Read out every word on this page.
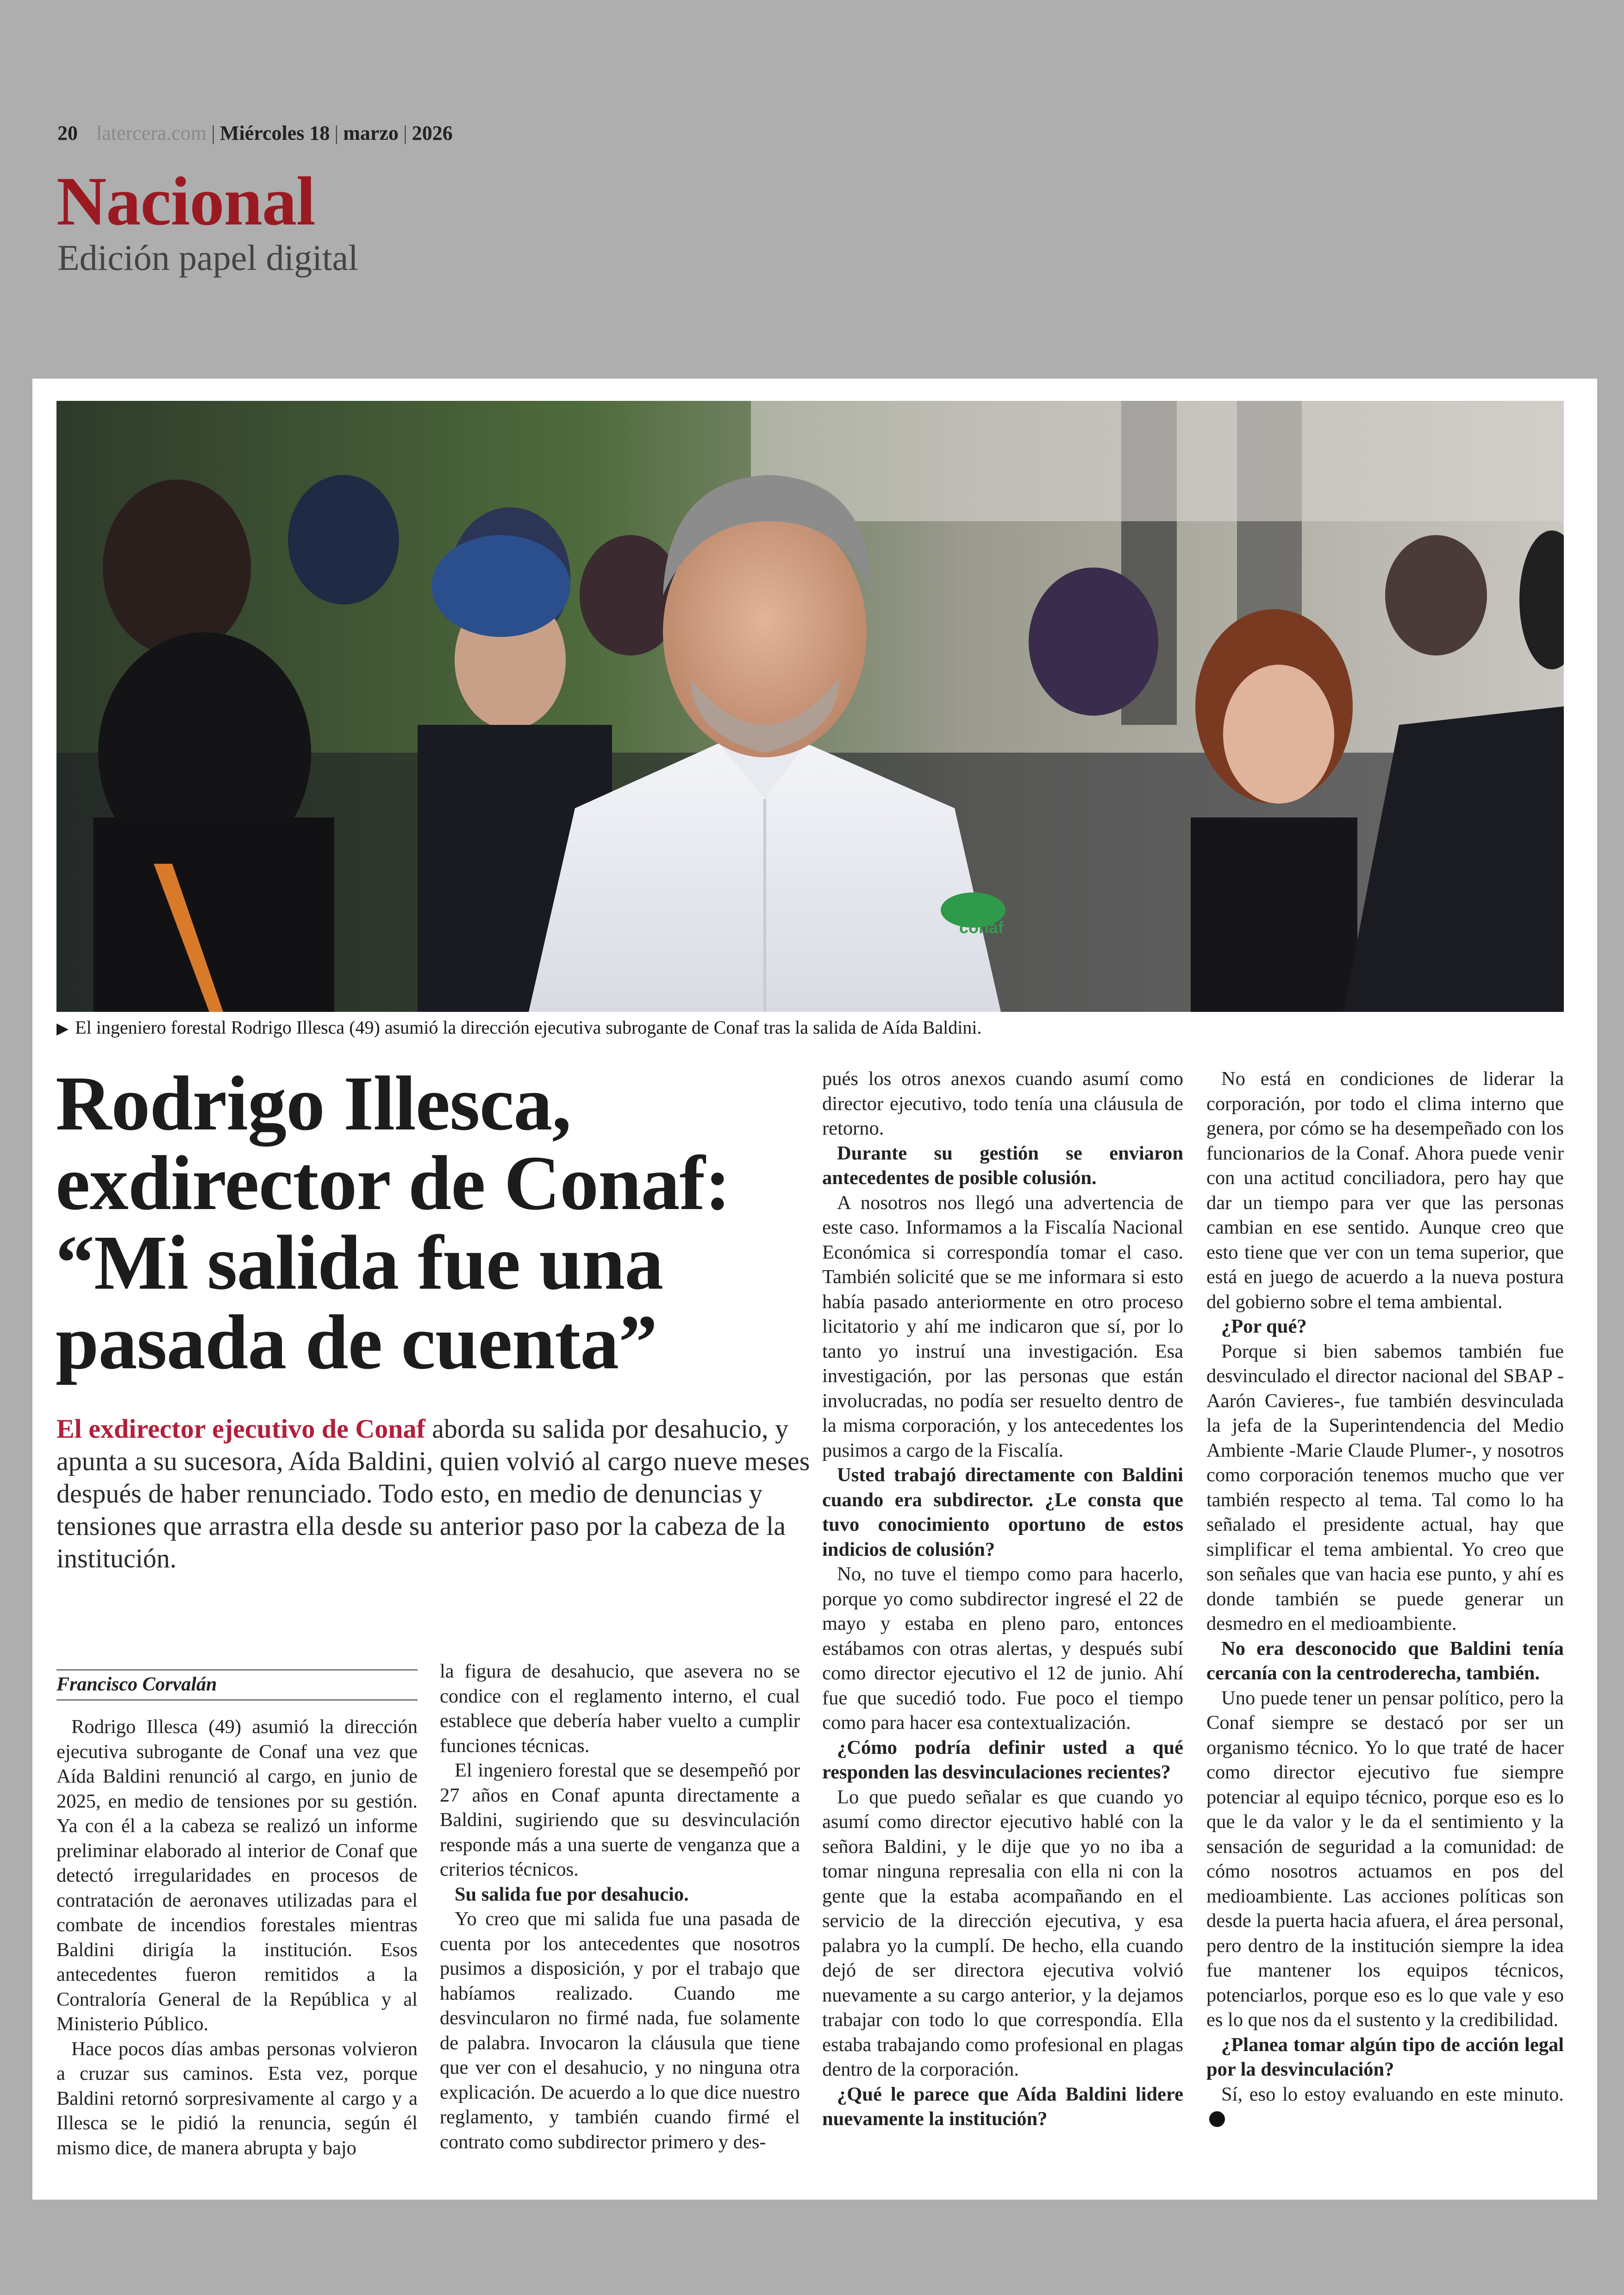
20 latercera.com | Miércoles 18 | marzo | 2026
Nacional
Edición papel digital
conaf
▶ El ingeniero forestal Rodrigo Illesca (49) asumió la dirección ejecutiva subrogante de Conaf tras la salida de Aída Baldini.
Rodrigo Illesca, exdirector de Conaf: “Mi salida fue una pasada de cuenta”
El exdirector ejecutivo de Conaf aborda su salida por desahucio, y apunta a su sucesora, Aída Baldini, quien volvió al cargo nueve meses después de haber renunciado. Todo esto, en medio de denuncias y tensiones que arrastra ella desde su anterior paso por la cabeza de la institución.
Francisco Corvalán

Rodrigo Illesca (49) asumió la dirección ejecutiva subrogante de Conaf una vez que Aída Baldini renunció al cargo, en junio de 2025, en medio de tensiones por su gestión. Ya con él a la cabeza se realizó un informe preliminar elaborado al interior de Conaf que detectó irregularidades en procesos de contratación de aeronaves utilizadas para el combate de incendios forestales mientras Baldini dirigía la institución. Esos antecedentes fueron remitidos a la Contraloría General de la República y al Ministerio Público.

Hace pocos días ambas personas volvieron a cruzar sus caminos. Esta vez, porque Baldini retornó sorpresivamente al cargo y a Illesca se le pidió la renuncia, según él mismo dice, de manera abrupta y bajo

la figura de desahucio, que asevera no se condice con el reglamento interno, el cual establece que debería haber vuelto a cumplir funciones técnicas.

El ingeniero forestal que se desempeñó por 27 años en Conaf apunta directamente a Baldini, sugiriendo que su desvinculación responde más a una suerte de venganza que a criterios técnicos.

Su salida fue por desahucio.

Yo creo que mi salida fue una pasada de cuenta por los antecedentes que nosotros pusimos a disposición, y por el trabajo que habíamos realizado. Cuando me desvincularon no firmé nada, fue solamente de palabra. Invocaron la cláusula que tiene que ver con el desahucio, y no ninguna otra explicación. De acuerdo a lo que dice nuestro reglamento, y también cuando firmé el contrato como subdirector primero y des-

pués los otros anexos cuando asumí como director ejecutivo, todo tenía una cláusula de retorno.

Durante su gestión se enviaron antecedentes de posible colusión.

A nosotros nos llegó una advertencia de este caso. Informamos a la Fiscalía Nacional Económica si correspondía tomar el caso. También solicité que se me informara si esto había pasado anteriormente en otro proceso licitatorio y ahí me indicaron que sí, por lo tanto yo instruí una investigación. Esa investigación, por las personas que están involucradas, no podía ser resuelto dentro de la misma corporación, y los antecedentes los pusimos a cargo de la Fiscalía.

Usted trabajó directamente con Baldini cuando era subdirector. ¿Le consta que tuvo conocimiento oportuno de estos indicios de colusión?

No, no tuve el tiempo como para hacerlo, porque yo como subdirector ingresé el 22 de mayo y estaba en pleno paro, entonces estábamos con otras alertas, y después subí como director ejecutivo el 12 de junio. Ahí fue que sucedió todo. Fue poco el tiempo como para hacer esa contextualización.

¿Cómo podría definir usted a qué responden las desvinculaciones recientes?

Lo que puedo señalar es que cuando yo asumí como director ejecutivo hablé con la señora Baldini, y le dije que yo no iba a tomar ninguna represalia con ella ni con la gente que la estaba acompañando en el servicio de la dirección ejecutiva, y esa palabra yo la cumplí. De hecho, ella cuando dejó de ser directora ejecutiva volvió nuevamente a su cargo anterior, y la dejamos trabajar con todo lo que correspondía. Ella estaba trabajando como profesional en plagas dentro de la corporación.

¿Qué le parece que Aída Baldini lidere nuevamente la institución?

No está en condiciones de liderar la corporación, por todo el clima interno que genera, por cómo se ha desempeñado con los funcionarios de la Conaf. Ahora puede venir con una actitud conciliadora, pero hay que dar un tiempo para ver que las personas cambian en ese sentido. Aunque creo que esto tiene que ver con un tema superior, que está en juego de acuerdo a la nueva postura del gobierno sobre el tema ambiental.

¿Por qué?

Porque si bien sabemos también fue desvinculado el director nacional del SBAP -Aarón Cavieres-, fue también desvinculada la jefa de la Superintendencia del Medio Ambiente -Marie Claude Plumer-, y nosotros como corporación tenemos mucho que ver también respecto al tema. Tal como lo ha señalado el presidente actual, hay que simplificar el tema ambiental. Yo creo que son señales que van hacia ese punto, y ahí es donde también se puede generar un desmedro en el medioambiente.

No era desconocido que Baldini tenía cercanía con la centroderecha, también.

Uno puede tener un pensar político, pero la Conaf siempre se destacó por ser un organismo técnico. Yo lo que traté de hacer como director ejecutivo fue siempre potenciar al equipo técnico, porque eso es lo que le da valor y le da el sentimiento y la sensación de seguridad a la comunidad: de cómo nosotros actuamos en pos del medioambiente. Las acciones políticas son desde la puerta hacia afuera, el área personal, pero dentro de la institución siempre la idea fue mantener los equipos técnicos, potenciarlos, porque eso es lo que vale y eso es lo que nos da el sustento y la credibilidad.

¿Planea tomar algún tipo de acción legal por la desvinculación?

Sí, eso lo estoy evaluando en este minuto.
